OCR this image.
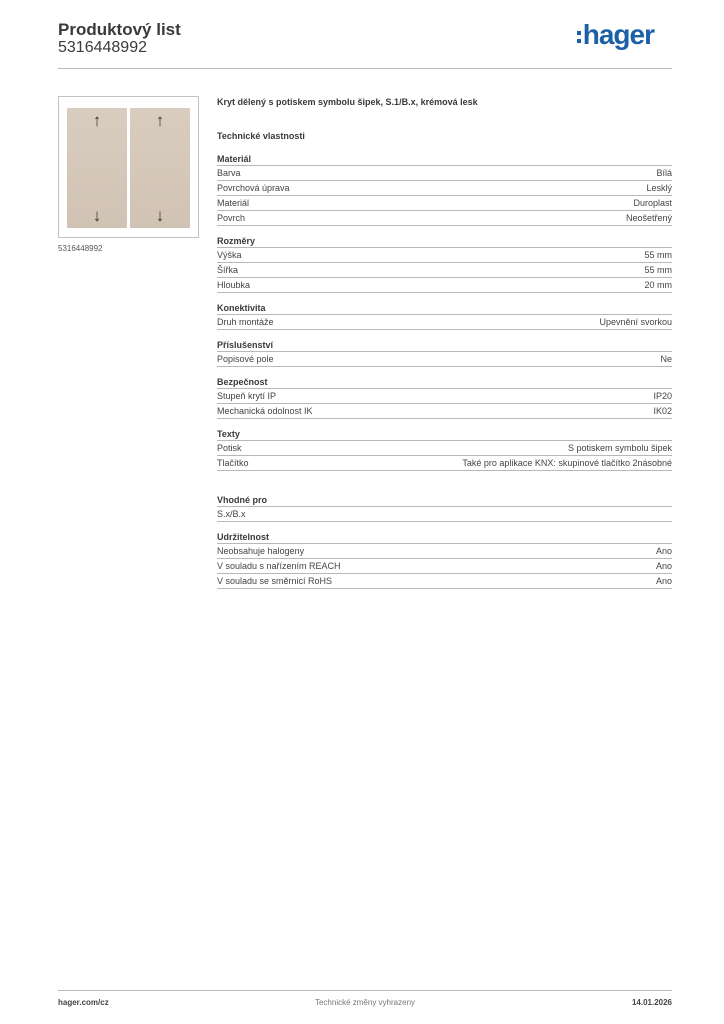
Produktový list
5316448992	hager
↑
↓
↑
↓
5316448992
Kryt dělený s potiskem symbolu šipek, S.1/B.x, krémová lesk
Technické vlastnosti
Materiál
Barva	Bílá
Povrchová úprava	Lesklý
Materiál	Duroplast
Povrch	Neošetřený
Rozměry
Výška	55 mm
Šířka	55 mm
Hloubka	20 mm
Konektivita
Druh montáže	Upevnění svorkou
Příslušenství
Popisové pole	Ne
Bezpečnost
Stupeň krytí IP	IP20
Mechanická odolnost IK	IK02
Texty
Potisk	S potiskem symbolu šipek
Tlačítko	Také pro aplikace KNX: skupinové tlačítko 2násobné
Vhodné pro
S.x/B.x
Udržitelnost
Neobsahuje halogeny	Ano
V souladu s nařízením REACH	Ano
V souladu se směrnicí RoHS	Ano
hager.com/cz	Technické změny vyhrazeny	14.01.2026
